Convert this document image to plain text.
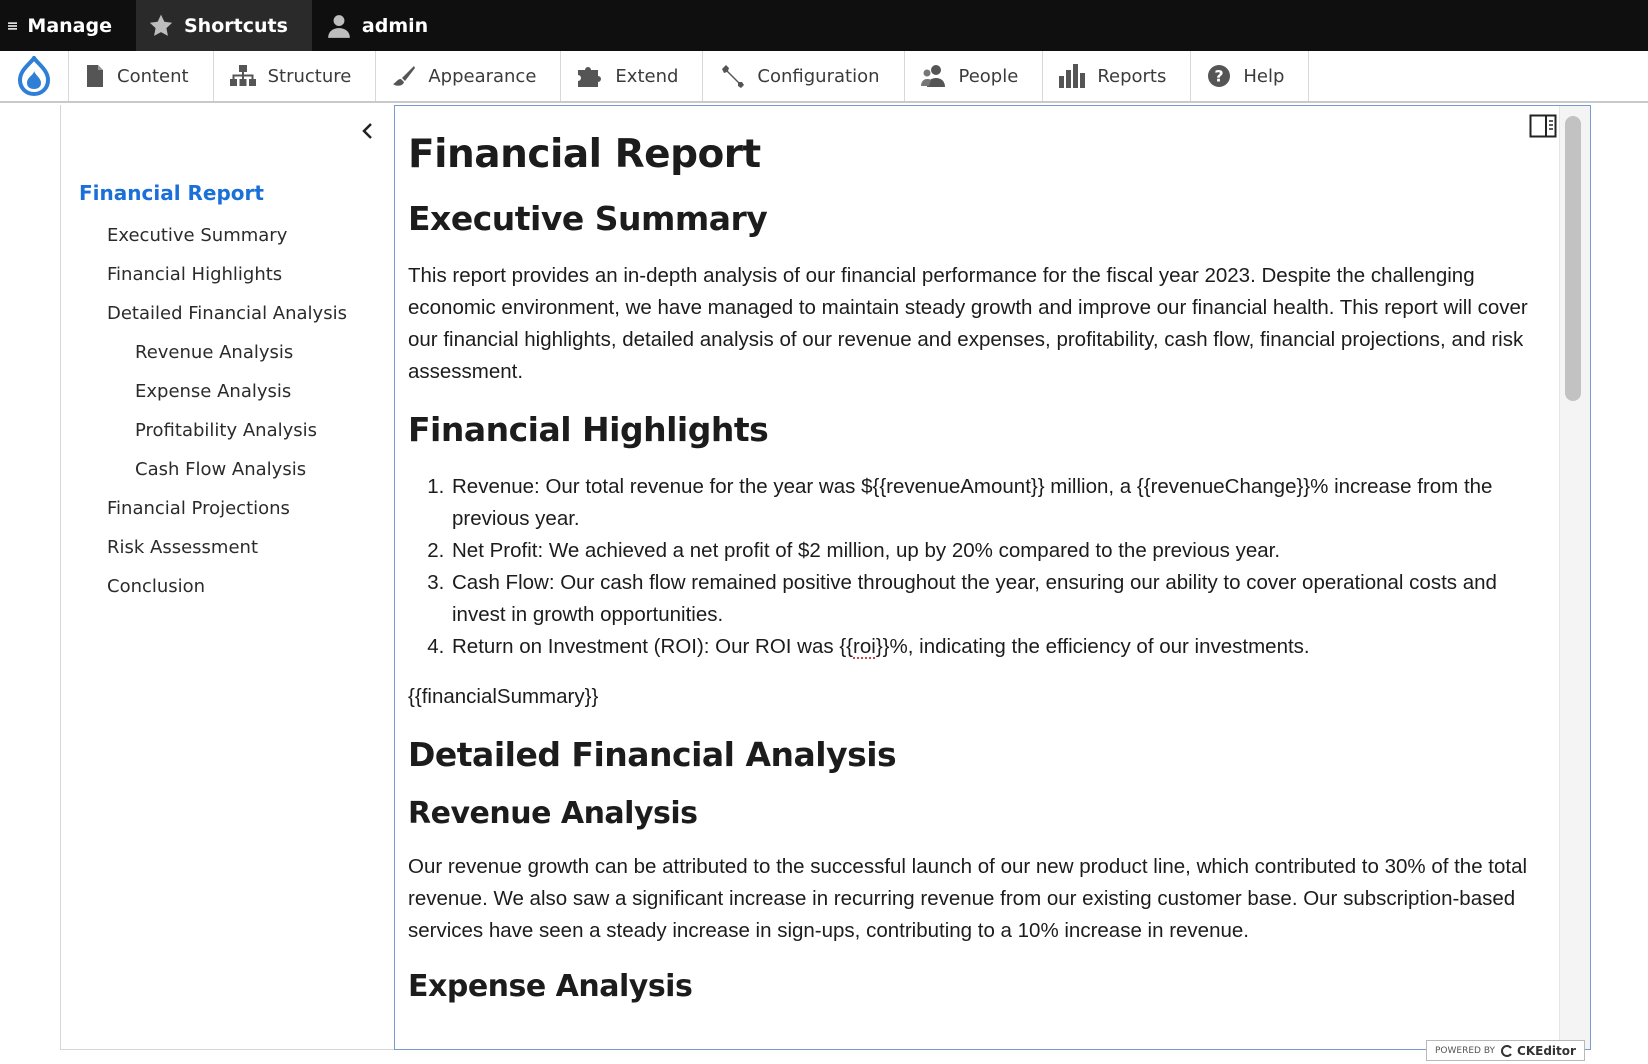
Manage	Shortcuts	admin
Content	Structure	Appearance	Extend	Configuration	People	Reports	? Help
Financial Report
Executive Summary
Financial Highlights
Detailed Financial Analysis
Revenue Analysis
Expense Analysis
Profitability Analysis
Cash Flow Analysis
Financial Projections
Risk Assessment
Conclusion
Financial Report
Executive Summary

This report provides an in-depth analysis of our financial performance for the fiscal year 2023. Despite the challenging economic environment, we have managed to maintain steady growth and improve our financial health. This report will cover our financial highlights, detailed analysis of our revenue and expenses, profitability, cash flow, financial projections, and risk assessment.

Financial Highlights
1. Revenue: Our total revenue for the year was ${{revenueAmount}} million, a {{revenueChange}}% increase from the previous year.
2. Net Profit: We achieved a net profit of $2 million, up by 20% compared to the previous year.
3. Cash Flow: Our cash flow remained positive throughout the year, ensuring our ability to cover operational costs and invest in growth opportunities.
4. Return on Investment (ROI): Our ROI was {{roi}}%, indicating the efficiency of our investments.

{{financialSummary}}

Detailed Financial Analysis
Revenue Analysis

Our revenue growth can be attributed to the successful launch of our new product line, which contributed to 30% of the total revenue. We also saw a significant increase in recurring revenue from our existing customer base. Our subscription-based services have seen a steady increase in sign-ups, contributing to a 10% increase in revenue.

Expense Analysis
POWERED BY CKEditor
